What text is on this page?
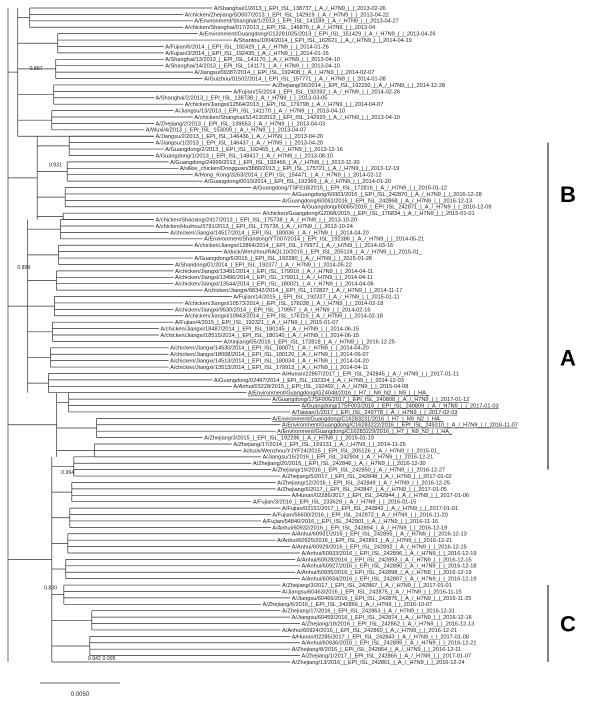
A/Shanghai/1/2013_|_EPI_ISL_138737_|_A_/_H7N9_|_|_2013-02-26
A/chicken/Zhejiang/SD007/2013_|_EPI_ISL_142919_|_A_/_H7N9_|_|_2013-04-22
A/Environment/Shanghai/1/2013_|_EPI_ISL_141189_|_A_/_H7N9_|_|_2013-04-27
A/chicken/Shanghai/017/2013_|_EPI_ISL_146876_|_A_/_H7N9_|_|_2013-04
A/Environment/Guangdong/C13281025/2013_|_EPI_ISL_151429_|_A_/_H7N9_|_|_2013-04-26
A/Shantou/1004/2014_|_EPI_ISL_162621_|_A_/_H7N9_|_|_2014-04-19
A/Fujian/6/2014_|_EPI_ISL_192429_|_A_/_H7N9_|_|_2014-01-26
A/Fujian/3/2014_|_EPI_ISL_192435_|_A_/_H7N9_|_|_2014-01-16
A/Shanghai/13/2013_|_EPI_ISL_141170_|_A_/_H7N9_|_|_2013-04-10
A/Shanghai/14/2013_|_EPI_ISL_141171_|_A_/_H7N9_|_|_2013-04-10
A/Jiangsu/09387/2014_|_EPI_ISL_192408_|_A_/_H7N9_|_|_2014-02-07
A/Guizhou/01502/2014_|_EPI_ISL_157771_|_A_/_H7N9_|_|_2014-01-08
A/Zhejiang/36/2014_|_EPI_ISL_192292_|_A_/_H7N9_|_|_2014-12-28
A/Fujian/15/2014_|_EPI_ISL_192392_|_A_/_H7N9_|_|_2014-02-26
A/Shanghai/2/2013_|_EPI_ISL_138738_|_A_/_H7N9_|_|_2013-03-05
A/chicken/Jiangxi/12564/2013_|_EPI_ISL_179798_|_A_/_H7N9_|_|_2014-04-07
A/Jiangsu/13/2013_|_EPI_ISL_141170_|_A_/_H7N9_|_|_2013-04-10
A/chicken/Shanghai/S1413/2013_|_EPI_ISL_142920_|_A_/_H7N9_|_|_2013-04-10
A/Zhejiang/2/2013_|_EPI_ISL_139653_|_A_/_H7N9_|_|_2013-04-03
A/Wuxi/4/2013_|_EPI_ISL_153009_|_A_/_H7N9_|_|_2013-04-07
A/Jiangsu/2/2013_|_EPI_ISL_146436_|_A_/_H7N9_|_|_2013-04-20
A/Jiangsu/1/2013_|_EPI_ISL_146437_|_A_/_H7N9_|_|_2013-04-20
A/Guangdong/2/2013_|_EPI_ISL_192465_|_A_/_H7N9_|_|_2013-12-16
A/Guangdong/1/2013_|_EPI_ISL_148417_|_A_/_H7N9_|_|_2013-08-10
A/Guangdong/24999/2013_|_EPI_ISL_192466_|_A_/_H7N9_|_|_2013-11-30
A/silkie_chicken/Dongguan/3880/2013_|_EPI_ISL_175721_|_A_/_H7N9_|_|_2013-12-19
A/Hong_Kong/3263/2014_|_EPI_ISL_154471_|_A_/_H7N9_|_|_2014-02-12
A/Guangdong/0010/2014_|_EPI_ISL_192369_|_A_/_H7N9_|_|_2014-01-20
A/Guangdong/TSF018/2015_|_EPI_ISL_172816_|_A_/_H7N9_|_|_2015-01-12
A/Guangdong/60003/2016_|_EPI_ISL_242870_|_A_/_H7N9_|_|_2016-12-28
A/Guangdong/60061/2016_|_EPI_ISL_242868_|_A_/_H7N9_|_|_2016-12-13
A/Guangdong/60065/2016_|_EPI_ISL_242871_|_A_/_H7N9_|_|_2016-12-09
A/chicken/Guangdong/GZ068/2015_|_EPI_ISL_176834_|_A_/_H7N9_|_|_2015-01-01
A/chicken/Shaoxing/2417/2013_|_EPI_ISL_175738_|_A_/_H7N9_|_|_2013-10-20
A/chicken/Huzhou/3791/2013_|_EPI_ISL_175736_|_A_/_H7N9_|_|_2013-10-24
A/chicken/Jiangxi/14517/2014_|_EPI_ISL_180036_|_A_/_H7N9_|_|_2014-04-20
A/Environment/Shandong/YT007/2014_|_EPI_ISL_192386_|_A_/_H7N9_|_|_2014-05-21
A/chicken/Jiangxi/12864/2014_|_EPI_ISL_179971_|_A_/_H7N9_|_|_2014-03-16
A/duck/Wenzhou/RAQL10/2015_|_EPI_ISL_205124_|_A_/_H7N9_|_|_2015-01_
A/Guangdong/6/2015_|_EPI_ISL_192280_|_A_/_H7N9_|_|_2015-01-28
A/Shandong/01/2014_|_EPI_ISL_192377_|_A_/_H7N9_|_|_2014-05-22
A/chicken/Jiangxi/13491/2014_|_EPI_ISL_179910_|_A_/_H7N9_|_|_2014-04-11
A/chicken/Jiangxi/13496/2014_|_EPI_ISL_179911_|_A_/_H7N9_|_|_2014-04-11
A/chicken/Jiangxi/13544/2014_|_EPI_ISL_180021_|_A_/_H7N9_|_|_2014-04-06
A/chicken/Jiangxi/98342/2014_|_EPI_ISL_172827_|_A_/_H7N9_|_|_2014-11-17
A/Fujian/14/2015_|_EPI_ISL_192327_|_A_/_H7N9_|_|_2015-01-11
A/chicken/Jiangxi/10573/2014_|_EPI_ISL_176038_|_A_/_H7N9_|_|_2014-02-18
A/chicken/Jiangxi/9530/2014_|_EPI_ISL_179957_|_A_/_H7N9_|_|_2014-02-16
A/chicken/Jiangxi/10943/2014_|_EPI_ISL_176115_|_A_/_H7N9_|_|_2014-02-18
A/Fujian/4/2015_|_EPI_ISL_192321_|_A_/_H7N9_|_|_2015-01-07
A/chicken/Jiangxi/18487/2014_|_EPI_ISL_180145_|_A_/_H7N9_|_|_2014-06-15
A/chicken/Jiangxi/18515/2014_|_EPI_ISL_180140_|_A_/_H7N9_|_|_2014-06-15
A/Xinjiang/05/2016_|_EPI_ISL_172818_|_A_/_H7N9_|_|_2016-12-25
A/chicken/Jiangxi/14530/2014_|_EPI_ISL_180071_|_A_/_H7N9_|_|_2014-04-20
A/chicken/Jiangxi/18008/2014_|_EPI_ISL_180120_|_A_/_H7N9_|_|_2014-06-07
A/chicken/Jiangxi/14513/2014_|_EPI_ISL_180034_|_A_/_H7N9_|_|_2014-04-20
A/chicken/Jiangxi/13513/2014_|_EPI_ISL_179913_|_A_/_H7N9_|_|_2014-04-11
A/Hunan/22867/2017_|_EPI_ISL_242845_|_A_/_H7N9_|_|_2017-01-11
A/Guangdong/02497/2014_|_EPI_ISL_192324_|_A_/_H7N9_|_|_2014-12-03
A/Anhui/03228/2015_|_EPI_ISL_192492_|_A_/_H7N9_|_|_2015-04-08
A/Environment/Guangdong/GZ4048/2016_|_H7_|_N9_N2_|_N9_|_|_HA_
A/Guangdong/17SF006/2017_|_EPI_ISL_240808_|_A_/_H7N9_|_|_2017-01-12
A/Guangdong/17SF003/2016_|_EPI_ISL_240809_|_A_/_H7N9_|_|_2017-01-03
A/Taiwan/1/2017_|_EPI_ISL_249778_|_A_/_H7N9_|_|_2017-02-03
A/Environment/Guangdong/C16283231/2016_|_H7_|_N9_N2_|_HA_
A/Environment/Guangdong/C16283222/2016_|_EPI_ISL_249310_|_A_/_H7N9_|_|_2016-11-07
A/Environment/Guangdong/C16283229/2016_|_H7_|_N9_N2_|_|_HA_
A/Zhejiang/3/2015_|_EPI_ISL_192296_|_A_/_H7N9_|_|_2015-01-19
A/Zhejiang/17/2014_|_EPI_ISL_169131_|_A_/_H7N9_|_|_2014-11-25
A/duck/Wenzhou/YJYF24/2015_|_EPI_ISL_205126_|_A_/_H7N9_|_|_2015-01_
A/Jiangsu/15/2016_|_EPI_ISL_242904_|_A_/_H7N9_|_|_2016-12-21
A/Zhejiang/20/2016_|_EPI_ISL_242846_|_A_/_H7N9_|_|_2016-12-30
A/Zhejiang/19/2016_|_EPI_ISL_242850_|_A_/_H7N9_|_|_2016-12-27
A/Zhejiang/5/2017_|_EPI_ISL_242848_|_A_/_H7N9_|_|_2017-01-02
A/Zhejiang/12/2016_|_EPI_ISL_242849_|_A_/_H7N9_|_|_2016-12-25
A/Zhejiang/6/2017_|_EPI_ISL_242847_|_A_/_H7N9_|_|_2017-01-05
A/Hunan/02286/2017_|_EPI_ISL_242844_|_A_/_H7N9_|_|_2017-01-06
A/Fujian/3/2016_|_EPI_ISL_233629_|_A_/_H7N9_|_|_2016-01-15
A/Fujian/02151/2017_|_EPI_ISL_242842_|_A_/_H7N9_|_|_2017-01-01
A/Fujian/56600/2016_|_EPI_ISL_242872_|_A_/_H7N9_|_|_2016-11-20
A/Fujian/54840/2016_|_EPI_ISL_242901_|_A_/_H7N9_|_|_2016-11-16
A/Anhui/60932/2016_|_EPI_ISL_242894_|_A_/_H7N9_|_|_2016-12-19
A/Anhui/60931/2016_|_EPI_ISL_242895_|_A_/_H7N9_|_|_2016-12-13
A/Anhui/60925/2016_|_EPI_ISL_242891_|_A_/_H7N9_|_|_2016-12-21
A/Anhui/60929/2016_|_EPI_ISL_242892_|_A_/_H7N9_|_|_2016-12-15
A/Anhui/60933/2016_|_EPI_ISL_242896_|_A_/_H7N9_|_|_2016-12-19
A/Anhui/60928/2016_|_EPI_ISL_242893_|_A_/_H7N9_|_|_2016-12-15
A/Anhui/60927/2016_|_EPI_ISL_242890_|_A_/_H7N9_|_|_2016-12-18
A/Anhui/60935/2016_|_EPI_ISL_242898_|_A_/_H7N9_|_|_2016-12-19
A/Anhui/60934/2016_|_EPI_ISL_242897_|_A_/_H7N9_|_|_2016-12-19
A/Zhejiang/3/2017_|_EPI_ISL_242867_|_A_/_H7N9_|_|_2017-01-01
A/Jiangsu/60463/2016_|_EPI_ISL_242875_|_A_/_H7N9_|_|_2016-11-15
A/Jiangsu/60466/2016_|_EPI_ISL_242876_|_A_/_H7N9_|_|_2016-11-25
A/Zhejiang/6/2016_|_EPI_ISL_242866_|_A_/_H7N9_|_|_2016-10-07
A/Zhejiang/17/2016_|_EPI_ISL_242863_|_A_/_H7N9_|_|_2016-12-31
A/Jiangsu/60459/2016_|_EPI_ISL_242874_|_A_/_H7N9_|_|_2016-12-16
A/Zhejiang/18/2016_|_EPI_ISL_242862_|_A_/_H7N9_|_|_2016-12-13
A/Anhui/60924/2016_|_EPI_ISL_242860_|_A_/_H7N9_|_|_2016-12-21
A/Hunan/02285/2017_|_EPI_ISL_242843_|_A_/_H7N9_|_|_2017-01-08
A/Anhui/60936/2016_|_EPI_ISL_242899_|_A_/_H7N9_|_|_2016-12-21
A/Zhejiang/8/2016_|_EPI_ISL_242864_|_A_/_H7N9_|_|_2016-12-11
A/Zhejiang/1/2017_|_EPI_ISL_242865_|_A_/_H7N9_|_|_2017-01-07
A/Zhejiang/13/2016_|_EPI_ISL_242861_|_A_/_H7N9_|_|_2016-12-24
0.897
0.931
0.899
0.994
0.800
0.942 0.995
B
A
C
0.0050
